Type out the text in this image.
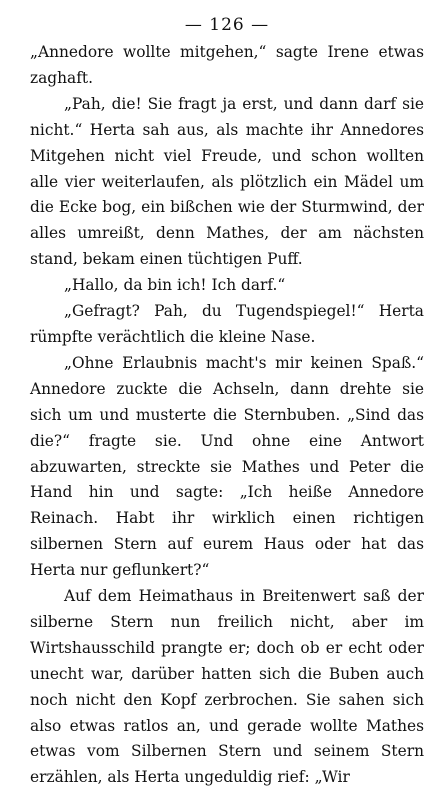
— 126 —

„Annedore wollte mitgehen,“ sagte Irene etwas zaghaft.

„Pah, die! Sie fragt ja erst, und dann darf sie nicht.“ Herta sah aus, als machte ihr Annedores Mitgehen nicht viel Freude, und schon wollten alle vier weiterlaufen, als plötzlich ein Mädel um die Ecke bog, ein bißchen wie der Sturmwind, der alles umreißt, denn Mathes, der am nächsten stand, bekam einen tüchtigen Puff.

„Hallo, da bin ich! Ich darf.“

„Gefragt? Pah, du Tugendspiegel!“ Herta rümpfte verächtlich die kleine Nase.

„Ohne Erlaubnis macht's mir keinen Spaß.“ Annedore zuckte die Achseln, dann drehte sie sich um und musterte die Sternbuben. „Sind das die?“ fragte sie. Und ohne eine Antwort abzuwarten, streckte sie Mathes und Peter die Hand hin und sagte: „Ich heiße Annedore Reinach. Habt ihr wirklich einen richtigen silbernen Stern auf eurem Haus oder hat das Herta nur geflunkert?“

Auf dem Heimathaus in Breitenwert saß der silberne Stern nun freilich nicht, aber im Wirtshausschild prangte er; doch ob er echt oder unecht war, darüber hatten sich die Buben auch noch nicht den Kopf zerbrochen. Sie sahen sich also etwas ratlos an, und gerade wollte Mathes etwas vom Silbernen Stern und seinem Stern erzählen, als Herta ungeduldig rief: „Wir
